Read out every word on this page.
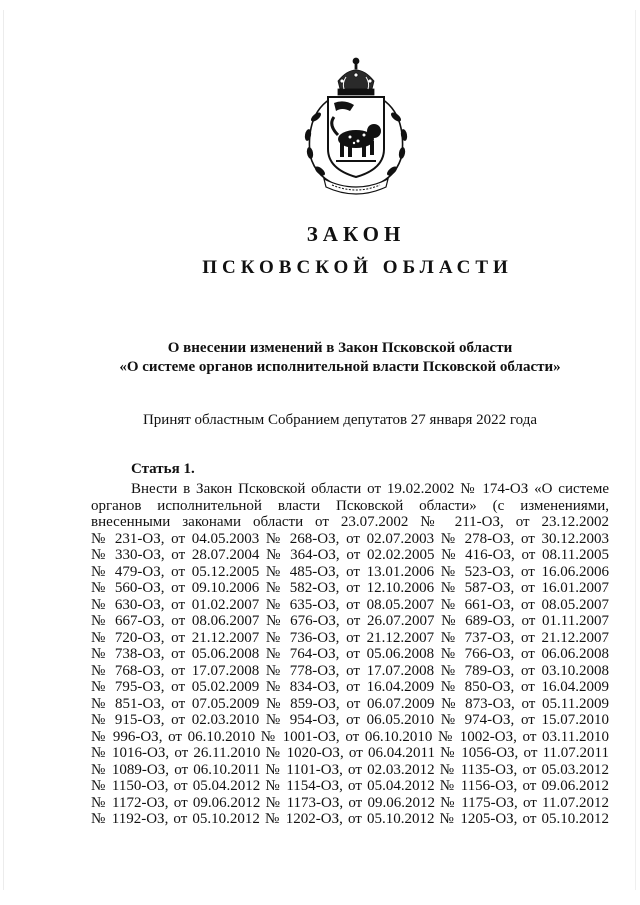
ЗАКОН
ПСКОВСКОЙ ОБЛАСТИ
О внесении изменений в Закон Псковской области
«О системе органов исполнительной власти Псковской области»
Принят областным Собранием депутатов 27 января 2022 года
Статья 1.
Внести в Закон Псковской области от 19.02.2002 № 174-ОЗ «О системе
органов исполнительной власти Псковской области» (с изменениями,
внесенными законами области от 23.07.2002 № 211-ОЗ, от 23.12.2002
№ 231-ОЗ, от 04.05.2003 № 268-ОЗ, от 02.07.2003 № 278-ОЗ, от 30.12.2003
№ 330-ОЗ, от 28.07.2004 № 364-ОЗ, от 02.02.2005 № 416-ОЗ, от 08.11.2005
№ 479-ОЗ, от 05.12.2005 № 485-ОЗ, от 13.01.2006 № 523-ОЗ, от 16.06.2006
№ 560-ОЗ, от 09.10.2006 № 582-ОЗ, от 12.10.2006 № 587-ОЗ, от 16.01.2007
№ 630-ОЗ, от 01.02.2007 № 635-ОЗ, от 08.05.2007 № 661-ОЗ, от 08.05.2007
№ 667-ОЗ, от 08.06.2007 № 676-ОЗ, от 26.07.2007 № 689-ОЗ, от 01.11.2007
№ 720-ОЗ, от 21.12.2007 № 736-ОЗ, от 21.12.2007 № 737-ОЗ, от 21.12.2007
№ 738-ОЗ, от 05.06.2008 № 764-ОЗ, от 05.06.2008 № 766-ОЗ, от 06.06.2008
№ 768-ОЗ, от 17.07.2008 № 778-ОЗ, от 17.07.2008 № 789-ОЗ, от 03.10.2008
№ 795-ОЗ, от 05.02.2009 № 834-ОЗ, от 16.04.2009 № 850-ОЗ, от 16.04.2009
№ 851-ОЗ, от 07.05.2009 № 859-ОЗ, от 06.07.2009 № 873-ОЗ, от 05.11.2009
№ 915-ОЗ, от 02.03.2010 № 954-ОЗ, от 06.05.2010 № 974-ОЗ, от 15.07.2010
№ 996-ОЗ, от 06.10.2010 № 1001-ОЗ, от 06.10.2010 № 1002-ОЗ, от 03.11.2010
№ 1016-ОЗ, от 26.11.2010 № 1020-ОЗ, от 06.04.2011 № 1056-ОЗ, от 11.07.2011
№ 1089-ОЗ, от 06.10.2011 № 1101-ОЗ, от 02.03.2012 № 1135-ОЗ, от 05.03.2012
№ 1150-ОЗ, от 05.04.2012 № 1154-ОЗ, от 05.04.2012 № 1156-ОЗ, от 09.06.2012
№ 1172-ОЗ, от 09.06.2012 № 1173-ОЗ, от 09.06.2012 № 1175-ОЗ, от 11.07.2012
№ 1192-ОЗ, от 05.10.2012 № 1202-ОЗ, от 05.10.2012 № 1205-ОЗ, от 05.10.2012
